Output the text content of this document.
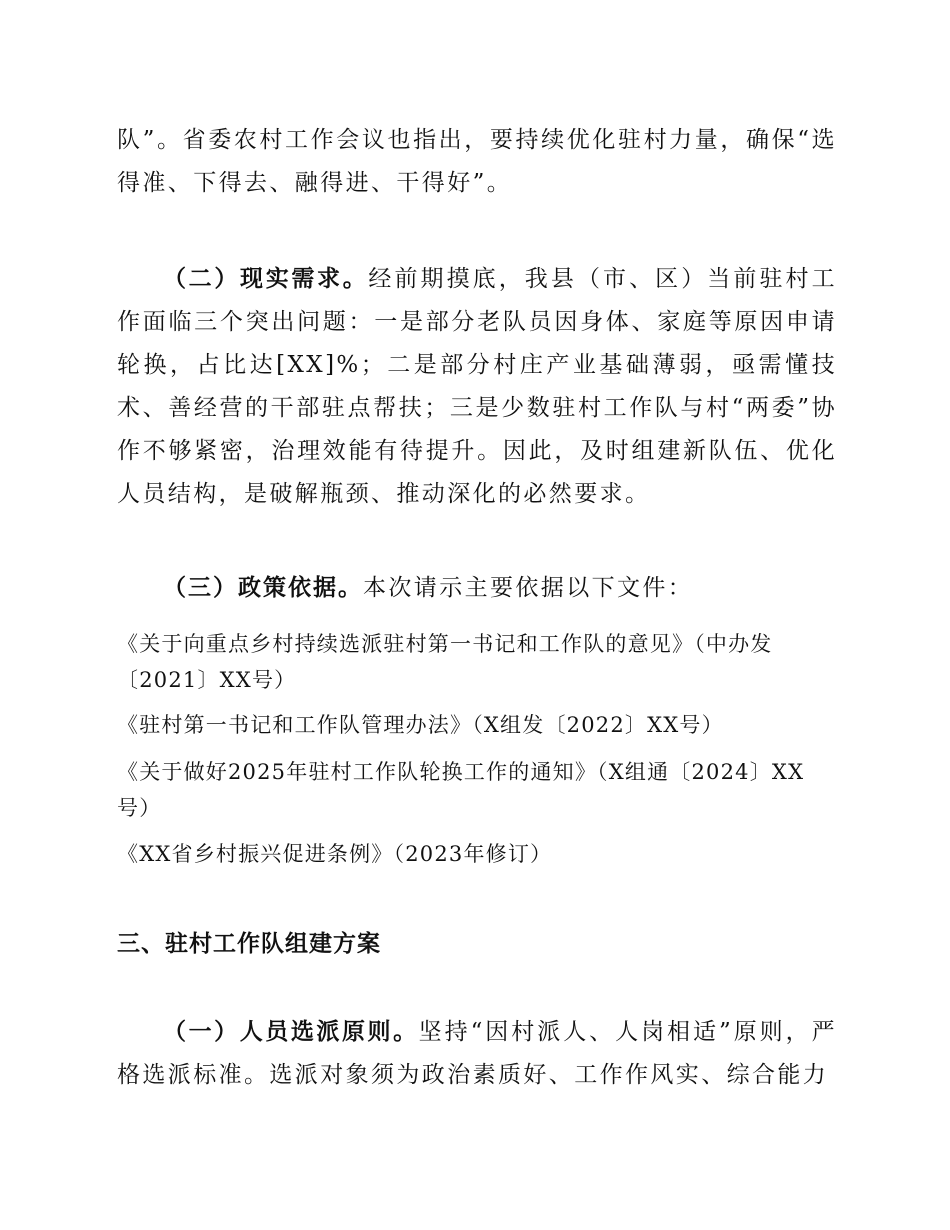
队”。省委农村工作会议也指出，要持续优化驻村力量，确保“选得准、下得去、融得进、干得好”。

（二）现实需求。经前期摸底，我县（市、区）当前驻村工作面临三个突出问题：一是部分老队员因身体、家庭等原因申请轮换，占比达[XX]%；二是部分村庄产业基础薄弱，亟需懂技术、善经营的干部驻点帮扶；三是少数驻村工作队与村“两委”协作不够紧密，治理效能有待提升。因此，及时组建新队伍、优化人员结构，是破解瓶颈、推动深化的必然要求。

（三）政策依据。本次请示主要依据以下文件：

《关于向重点乡村持续选派驻村第一书记和工作队的意见》（中办发〔2021〕XX号）

《驻村第一书记和工作队管理办法》（X组发〔2022〕XX号）

《关于做好2025年驻村工作队轮换工作的通知》（X组通〔2024〕XX号）

《XX省乡村振兴促进条例》（2023年修订）

三、驻村工作队组建方案

（一）人员选派原则。坚持“因村派人、人岗相适”原则，严格选派标准。选派对象须为政治素质好、工作作风实、综合能力
